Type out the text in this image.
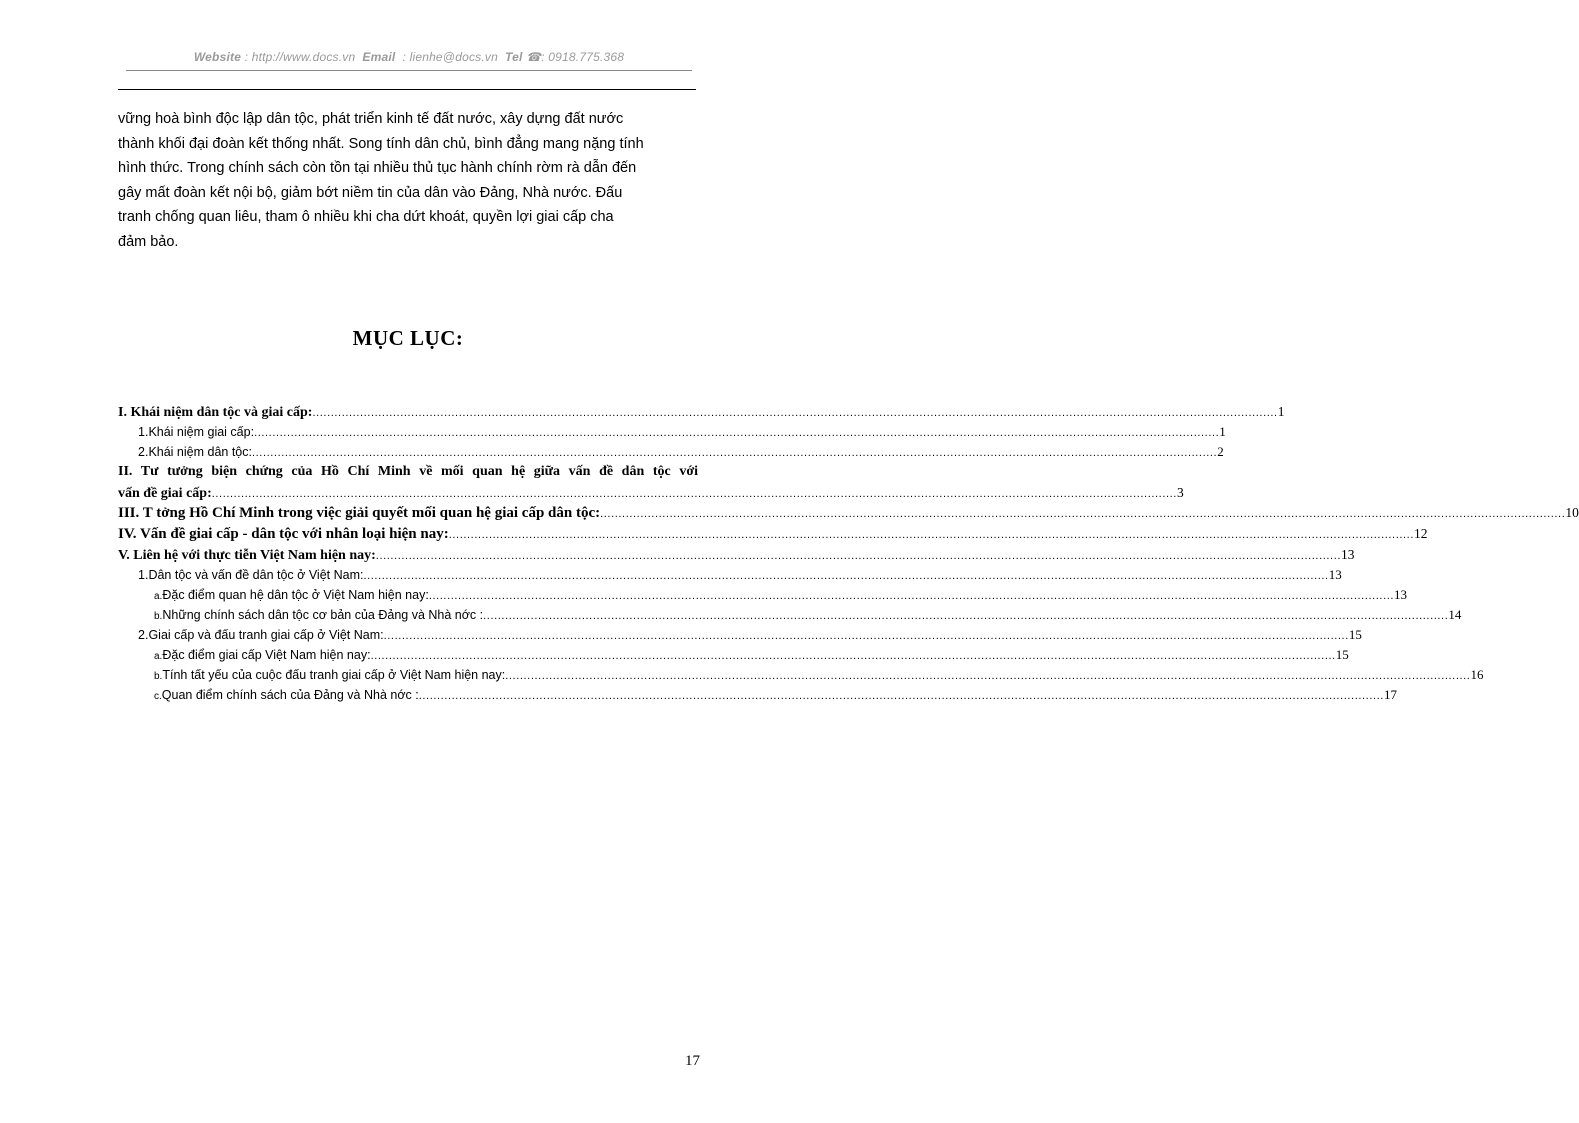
Website : http://www.docs.vn Email : lienhe@docs.vn Tel ☎: 0918.775.368
vững hoà bình độc lập dân tộc, phát triển kinh tế đất nước, xây dựng đất nước
thành khối đại đoàn kết thống nhất. Song tính dân chủ, bình đẳng mang nặng tính
hình thức. Trong chính sách còn tồn tại nhiều thủ tục hành chính rờm rà dẫn đến
gây mất đoàn kết nội bộ, giảm bớt niềm tin của dân vào Đảng, Nhà nước. Đấu
tranh chống quan liêu, tham ô nhiều khi cha dứt khoát, quyền lợi giai cấp cha
đảm bảo.
MỤC LỤC:
I. Khái niệm dân tộc và giai cấp: .....	1
1. Khái niệm giai cấp: .....	1
2. Khái niệm dân tộc: .....	2
II. Tư tưởng biện chứng của Hồ Chí Minh về mối quan hệ giữa vấn đề dân tộc với
vấn đề giai cấp: .....	3
III. T tởng Hồ Chí Minh trong việc giải quyết mối quan hệ giai cấp dân tộc: .....	10
IV. Vấn đề giai cấp - dân tộc với nhân loại hiện nay: .....	12
V. Liên hệ với thực tiễn Việt Nam hiện nay: .....	13
1. Dân tộc và vấn đề dân tộc ở Việt Nam: .....	13
a. Đặc điểm quan hệ dân tộc ở Việt Nam hiện nay: .....	13
b. Những chính sách dân tộc cơ bản của Đảng và Nhà nớc : .....	14
2. Giai cấp và đấu tranh giai cấp ở Việt Nam: .....	15
a. Đặc điểm giai cấp Việt Nam hiện nay: .....	15
b. Tính tất yếu của cuộc đấu tranh giai cấp ở Việt Nam hiện nay: .....	16
c. Quan điểm chính sách của Đảng và Nhà nớc : .....	17
17
